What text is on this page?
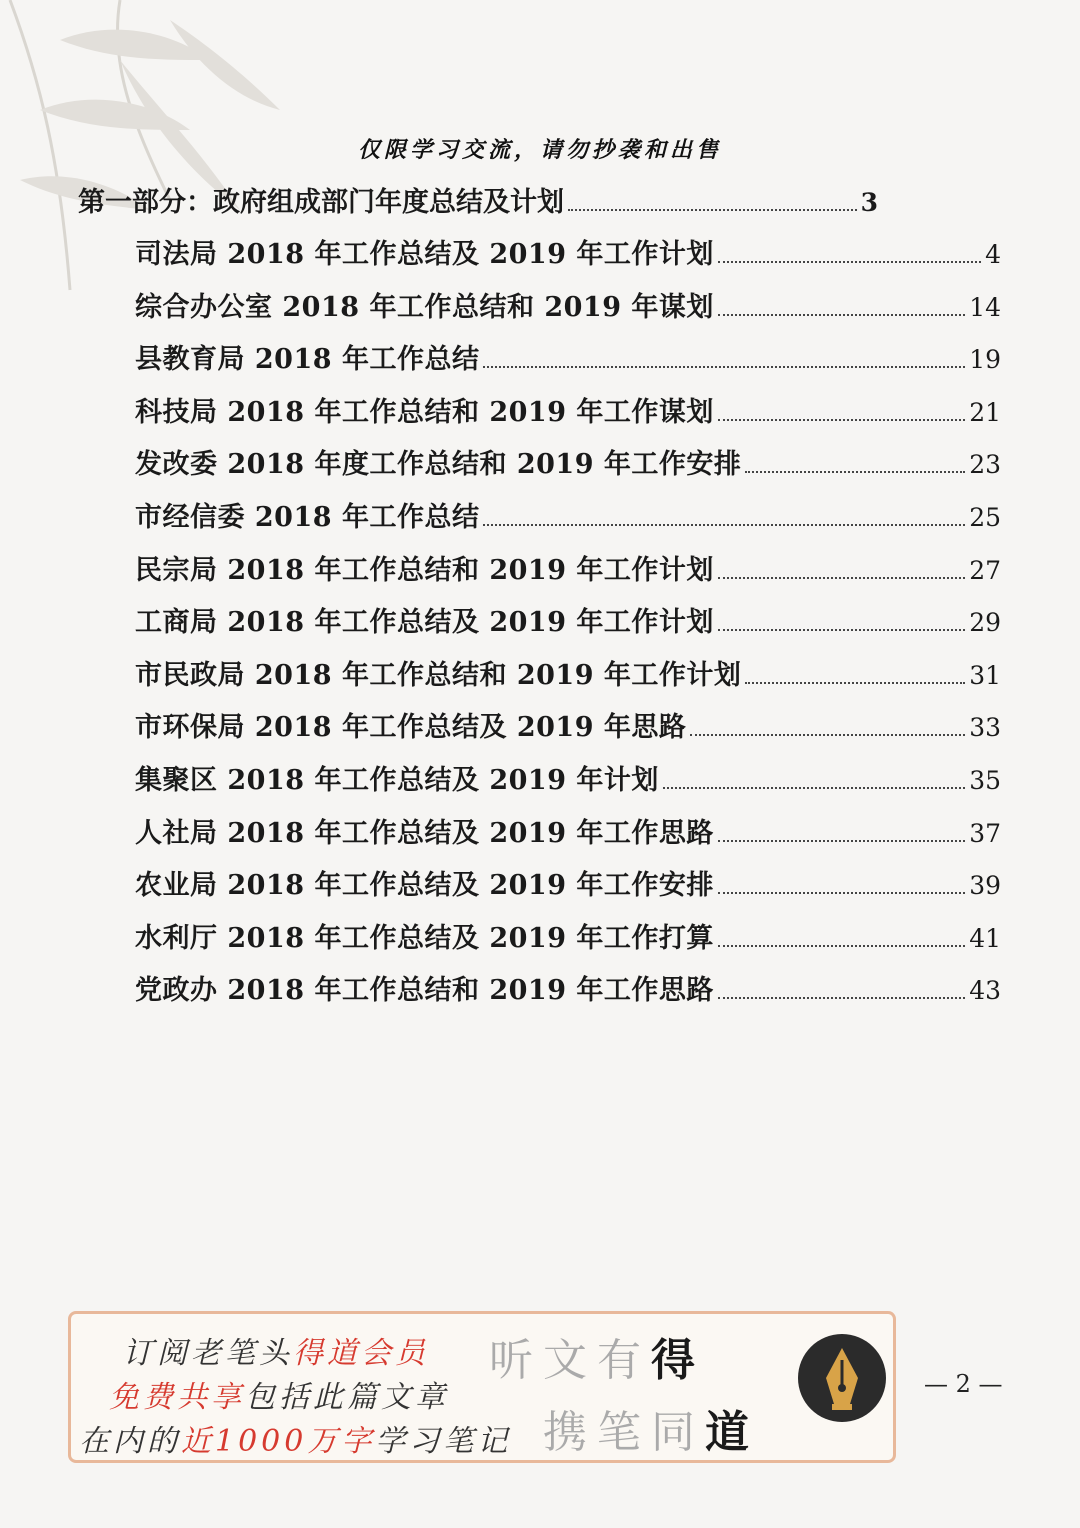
仅限学习交流，请勿抄袭和出售
第一部分：政府组成部门年度总结及计划	3
司法局 2018 年工作总结及 2019 年工作计划	4
综合办公室 2018 年工作总结和 2019 年谋划	14
县教育局 2018 年工作总结	19
科技局 2018 年工作总结和 2019 年工作谋划	21
发改委 2018 年度工作总结和 2019 年工作安排	23
市经信委 2018 年工作总结	25
民宗局 2018 年工作总结和 2019 年工作计划	27
工商局 2018 年工作总结及 2019 年工作计划	29
市民政局 2018 年工作总结和 2019 年工作计划	31
市环保局 2018 年工作总结及 2019 年思路	33
集聚区 2018 年工作总结及 2019 年计划	35
人社局 2018 年工作总结及 2019 年工作思路	37
农业局 2018 年工作总结及 2019 年工作安排	39
水利厅 2018 年工作总结及 2019 年工作打算	41
党政办 2018 年工作总结和 2019 年工作思路	43
订阅老笔头得道会员
免费共享包括此篇文章
在内的近1000万字学习笔记
听文有得
携笔同道
— 2 —
